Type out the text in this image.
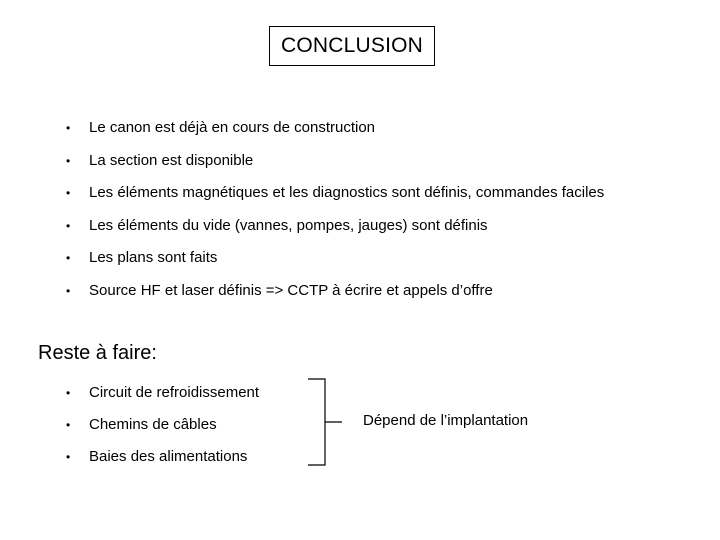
CONCLUSION
• Le canon est déjà en cours de construction
• La section est disponible
• Les éléments magnétiques et les diagnostics sont définis, commandes faciles
• Les éléments du vide (vannes, pompes, jauges) sont définis
• Les plans sont faits
• Source HF et laser définis => CCTP à écrire et appels d’offre
Reste à faire:
• Circuit de refroidissement
• Chemins de câbles
• Baies des alimentations
Dépend de l’implantation
